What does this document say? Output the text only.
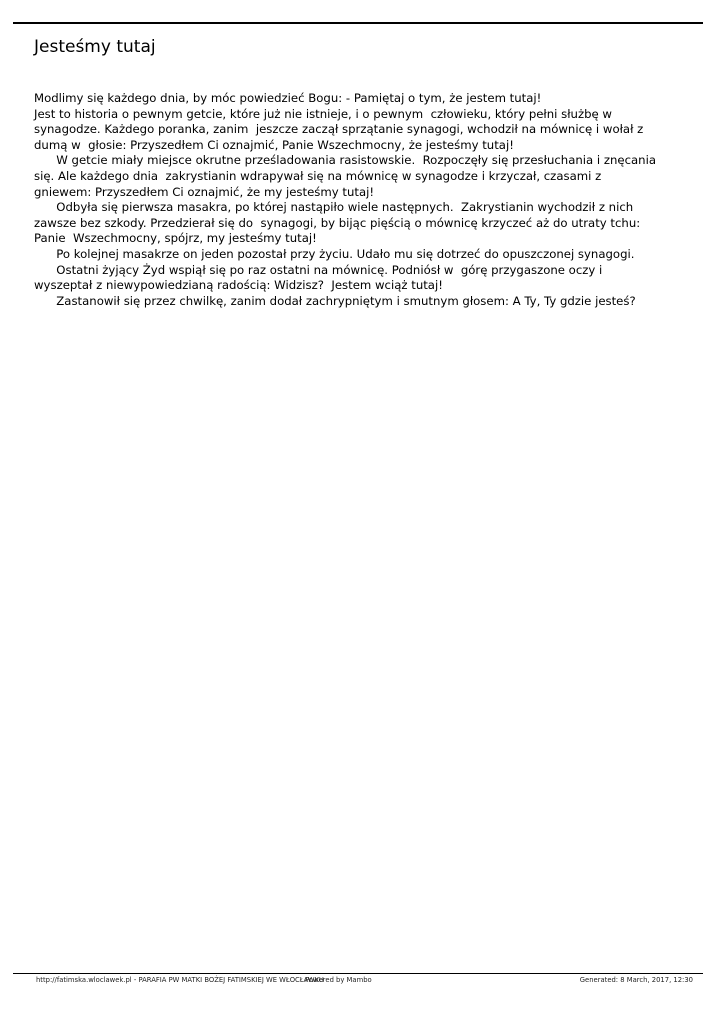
Jesteśmy tutaj
Modlimy się każdego dnia, by móc powiedzieć Bogu: - Pamiętaj o tym, że jestem tutaj!
Jest to historia o pewnym getcie, które już nie istnieje, i o pewnym  człowieku, który pełni służbę w
synagodze. Każdego poranka, zanim  jeszcze zaczął sprzątanie synagogi, wchodził na mównicę i wołał z
dumą w  głosie: Przyszedłem Ci oznajmić, Panie Wszechmocny, że jesteśmy tutaj!
W getcie miały miejsce okrutne prześladowania rasistowskie.  Rozpoczęły się przesłuchania i znęcania
się. Ale każdego dnia  zakrystianin wdrapywał się na mównicę w synagodze i krzyczał, czasami z
gniewem: Przyszedłem Ci oznajmić, że my jesteśmy tutaj!
Odbyła się pierwsza masakra, po której nastąpiło wiele następnych.  Zakrystianin wychodził z nich
zawsze bez szkody. Przedzierał się do  synagogi, by bijąc pięścią o mównicę krzyczeć aż do utraty tchu:
Panie  Wszechmocny, spójrz, my jesteśmy tutaj!
Po kolejnej masakrze on jeden pozostał przy życiu. Udało mu się dotrzeć do opuszczonej synagogi.
Ostatni żyjący Żyd wspiął się po raz ostatni na mównicę. Podniósł w  górę przygaszone oczy i
wyszeptał z niewypowiedzianą radością: Widzisz?  Jestem wciąż tutaj!
Zastanowił się przez chwilkę, zanim dodał zachrypniętym i smutnym głosem: A Ty, Ty gdzie jesteś?
http://fatimska.wloclawek.pl - PARAFIA PW MATKI BOŻEJ FATIMSKIEJ WE WŁOCŁAWKU
Powered by Mambo	Generated: 8 March, 2017, 12:30
